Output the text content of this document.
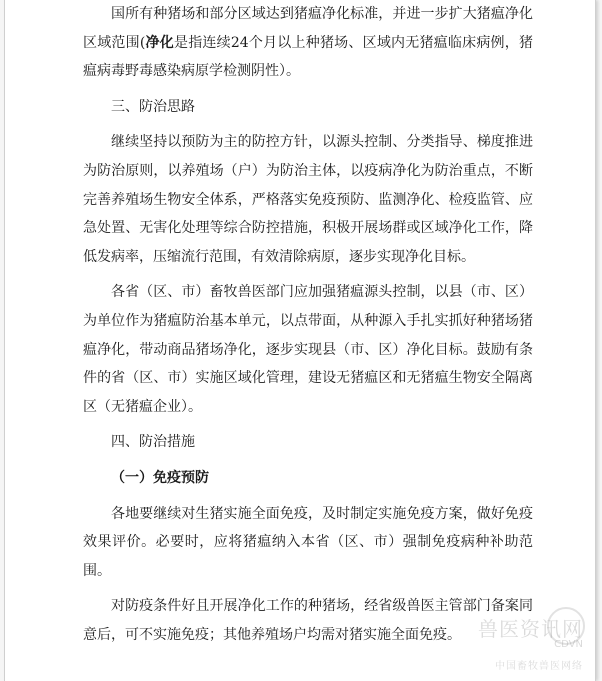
国所有种猪场和部分区域达到猪瘟净化标准，并进一步扩大猪瘟净化区域范围(净化是指连续24个月以上种猪场、区域内无猪瘟临床病例，猪瘟病毒野毒感染病原学检测阴性）。

三、防治思路

继续坚持以预防为主的防控方针，以源头控制、分类指导、梯度推进为防治原则，以养殖场（户）为防治主体，以疫病净化为防治重点，不断完善养殖场生物安全体系，严格落实免疫预防、监测净化、检疫监管、应急处置、无害化处理等综合防控措施，积极开展场群或区域净化工作，降低发病率，压缩流行范围，有效清除病原，逐步实现净化目标。

各省（区、市）畜牧兽医部门应加强猪瘟源头控制，以县（市、区）为单位作为猪瘟防治基本单元，以点带面，从种源入手扎实抓好种猪场猪瘟净化，带动商品猪场净化，逐步实现县（市、区）净化目标。鼓励有条件的省（区、市）实施区域化管理，建设无猪瘟区和无猪瘟生物安全隔离区（无猪瘟企业）。

四、防治措施

（一）免疫预防

各地要继续对生猪实施全面免疫，及时制定实施免疫方案，做好免疫效果评价。必要时，应将猪瘟纳入本省（区、市）强制免疫病种补助范围。

对防疫条件好且开展净化工作的种猪场，经省级兽医主管部门备案同意后，可不实施免疫；其他养殖场户均需对猪实施全面免疫。 兽医资讯网
CDVN
中国畜牧兽医网络
